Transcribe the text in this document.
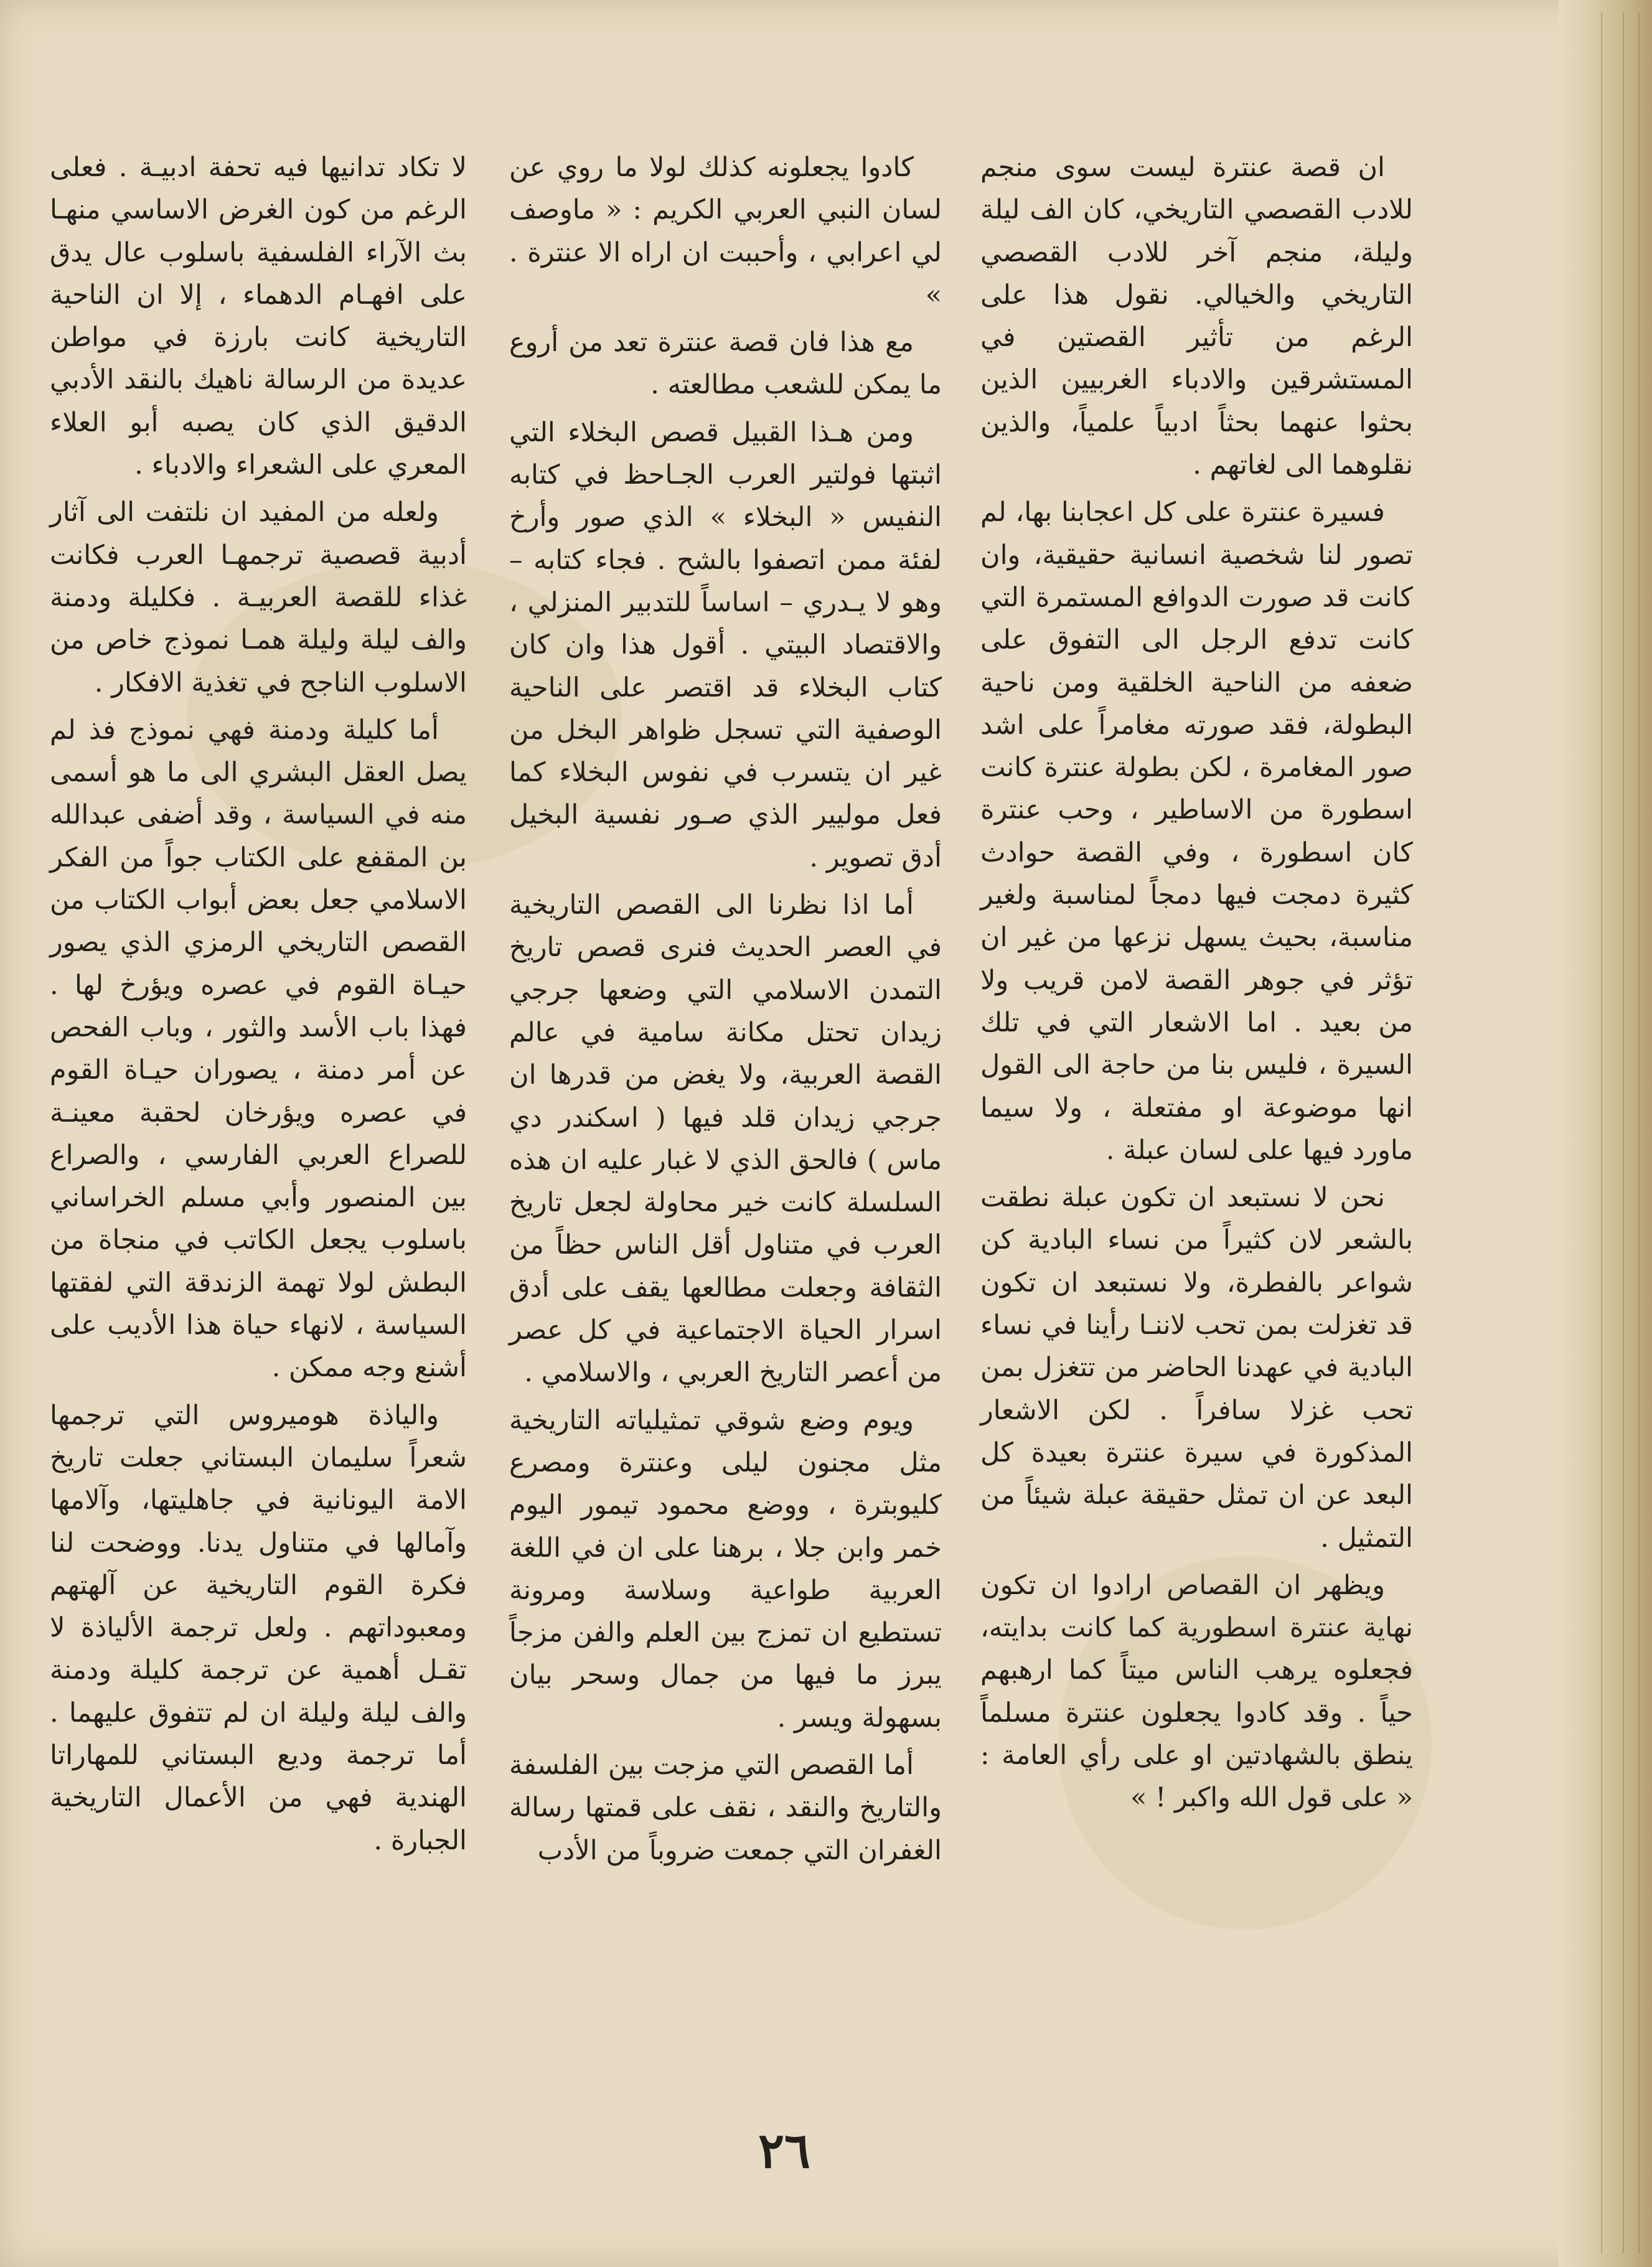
ان قصة عنترة ليست سوى منجم للادب القصصي التاريخي، كان الف ليلة وليلة، منجم آخر للادب القصصي التاريخي والخيالي. نقول هذا على الرغم من تأثير القصتين في المستشرقين والادباء الغربيين الذين بحثوا عنهما بحثاً ادبياً علمياً، والذين نقلوهما الى لغاتهم .

فسيرة عنترة على كل اعجابنا بها، لم تصور لنا شخصية انسانية حقيقية، وان كانت قد صورت الدوافع المستمرة التي كانت تدفع الرجل الى التفوق على ضعفه من الناحية الخلقية ومن ناحية البطولة، فقد صورته مغامراً على اشد صور المغامرة ، لكن بطولة عنترة كانت اسطورة من الاساطير ، وحب عنترة كان اسطورة ، وفي القصة حوادث كثيرة دمجت فيها دمجاً لمناسبة ولغير مناسبة، بحيث يسهل نزعها من غير ان تؤثر في جوهر القصة لامن قريب ولا من بعيد . اما الاشعار التي في تلك السيرة ، فليس بنا من حاجة الى القول انها موضوعة او مفتعلة ، ولا سيما ماورد فيها على لسان عبلة .

نحن لا نستبعد ان تكون عبلة نطقت بالشعر لان كثيراً من نساء البادية كن شواعر بالفطرة، ولا نستبعد ان تكون قد تغزلت بمن تحب لاننـا رأينا في نساء البادية في عهدنا الحاضر من تتغزل بمن تحب غزلا سافراً . لكن الاشعار المذكورة في سيرة عنترة بعيدة كل البعد عن ان تمثل حقيقة عبلة شيئاً من التمثيل .

ويظهر ان القصاص ارادوا ان تكون نهاية عنترة اسطورية كما كانت بدايته، فجعلوه يرهب الناس ميتاً كما ارهبهم حياً . وقد كادوا يجعلون عنترة مسلماً ينطق بالشهادتين او على رأي العامة : « على قول الله واكبر ! »

كادوا يجعلونه كذلك لولا ما روي عن لسان النبي العربي الكريم : « ماوصف لي اعرابي ، وأحببت ان اراه الا عنترة . »

مع هذا فان قصة عنترة تعد من أروع ما يمكن للشعب مطالعته .

ومن هـذا القبيل قصص البخلاء التي اثبتها فولتير العرب الجـاحظ في كتابه النفيس « البخلاء » الذي صور وأرخ لفئة ممن اتصفوا بالشح . فجاء كتابه – وهو لا يـدري – اساساً للتدبير المنزلي ، والاقتصاد البيتي . أقول هذا وان كان كتاب البخلاء قد اقتصر على الناحية الوصفية التي تسجل ظواهر البخل من غير ان يتسرب في نفوس البخلاء كما فعل موليير الذي صـور نفسية البخيل أدق تصوير .

أما اذا نظرنا الى القصص التاريخية في العصر الحديث فنرى قصص تاريخ التمدن الاسلامي التي وضعها جرجي زيدان تحتل مكانة سامية في عالم القصة العربية، ولا يغض من قدرها ان جرجي زيدان قلد فيها ( اسكندر دي ماس ) فالحق الذي لا غبار عليه ان هذه السلسلة كانت خير محاولة لجعل تاريخ العرب في متناول أقل الناس حظاً من الثقافة وجعلت مطالعها يقف على أدق اسرار الحياة الاجتماعية في كل عصر من أعصر التاريخ العربي ، والاسلامي .

ويوم وضع شوقي تمثيلياته التاريخية مثل مجنون ليلى وعنترة ومصرع كليوبترة ، ووضع محمود تيمور اليوم خمر وابن جلا ، برهنا على ان في اللغة العربية طواعية وسلاسة ومرونة تستطيع ان تمزج بين العلم والفن مزجاً يبرز ما فيها من جمال وسحر بيان بسهولة ويسر .

أما القصص التي مزجت بين الفلسفة والتاريخ والنقد ، نقف على قمتها رسالة الغفران التي جمعت ضروباً من الأدب

لا تكاد تدانيها فيه تحفة ادبيـة . فعلى الرغم من كون الغرض الاساسي منهـا بث الآراء الفلسفية باسلوب عال يدق على افهـام الدهماء ، إلا ان الناحية التاريخية كانت بارزة في مواطن عديدة من الرسالة ناهيك بالنقد الأدبي الدقيق الذي كان يصبه أبو العلاء المعري على الشعراء والادباء .

ولعله من المفيد ان نلتفت الى آثار أدبية قصصية ترجمهـا العرب فكانت غذاء للقصة العربيـة . فكليلة ودمنة والف ليلة وليلة همـا نموذج خاص من الاسلوب الناجح في تغذية الافكار .

أما كليلة ودمنة فهي نموذج فذ لم يصل العقل البشري الى ما هو أسمى منه في السياسة ، وقد أضفى عبدالله بن المقفع على الكتاب جواً من الفكر الاسلامي جعل بعض أبواب الكتاب من القصص التاريخي الرمزي الذي يصور حيـاة القوم في عصره ويؤرخ لها . فهذا باب الأسد والثور ، وباب الفحص عن أمر دمنة ، يصوران حيـاة القوم في عصره ويؤرخان لحقبة معينـة للصراع العربي الفارسي ، والصراع بين المنصور وأبي مسلم الخراساني باسلوب يجعل الكاتب في منجاة من البطش لولا تهمة الزندقة التي لفقتها السياسة ، لانهاء حياة هذا الأديب على أشنع وجه ممكن .

والياذة هوميروس التي ترجمها شعراً سليمان البستاني جعلت تاريخ الامة اليونانية في جاهليتها، وآلامها وآمالها في متناول يدنا. ووضحت لنا فكرة القوم التاريخية عن آلهتهم ومعبوداتهم . ولعل ترجمة الألياذة لا تقـل أهمية عن ترجمة كليلة ودمنة والف ليلة وليلة ان لم تتفوق عليهما . أما ترجمة وديع البستاني للمهاراتا الهندية فهي من الأعمال التاريخية الجبارة .

٢٦
